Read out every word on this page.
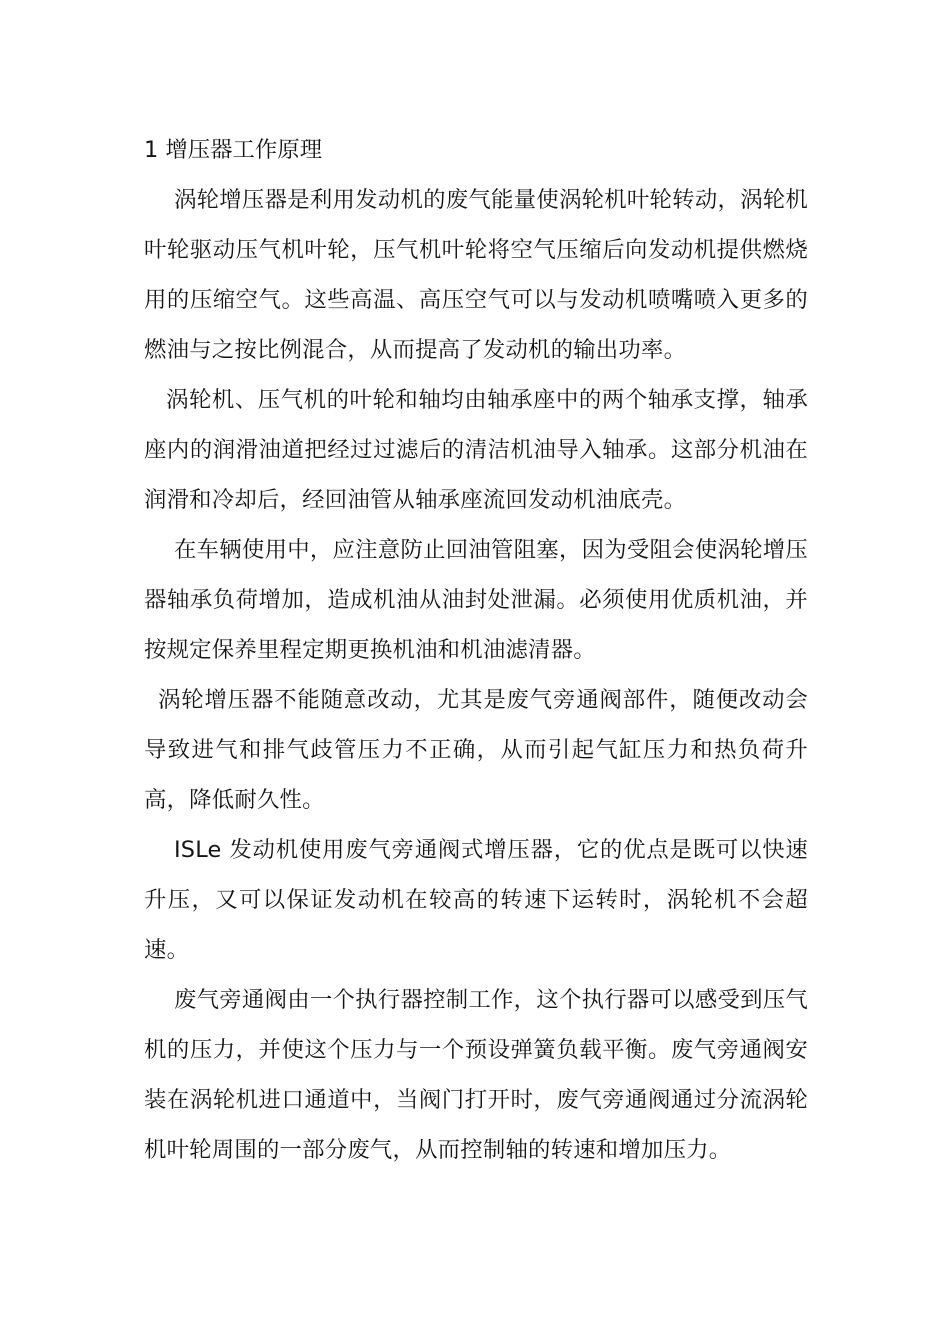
1 增压器工作原理

涡轮增压器是利用发动机的废气能量使涡轮机叶轮转动，涡轮机叶轮驱动压气机叶轮，压气机叶轮将空气压缩后向发动机提供燃烧用的压缩空气。这些高温、高压空气可以与发动机喷嘴喷入更多的燃油与之按比例混合，从而提高了发动机的输出功率。

涡轮机、压气机的叶轮和轴均由轴承座中的两个轴承支撑，轴承座内的润滑油道把经过过滤后的清洁机油导入轴承。这部分机油在润滑和冷却后，经回油管从轴承座流回发动机油底壳。

在车辆使用中，应注意防止回油管阻塞，因为受阻会使涡轮增压器轴承负荷增加，造成机油从油封处泄漏。必须使用优质机油，并按规定保养里程定期更换机油和机油滤清器。

涡轮增压器不能随意改动，尤其是废气旁通阀部件，随便改动会导致进气和排气歧管压力不正确，从而引起气缸压力和热负荷升高，降低耐久性。

ISLe 发动机使用废气旁通阀式增压器，它的优点是既可以快速升压，又可以保证发动机在较高的转速下运转时，涡轮机不会超速。

废气旁通阀由一个执行器控制工作，这个执行器可以感受到压气机的压力，并使这个压力与一个预设弹簧负载平衡。废气旁通阀安装在涡轮机进口通道中，当阀门打开时，废气旁通阀通过分流涡轮机叶轮周围的一部分废气，从而控制轴的转速和增加压力。
